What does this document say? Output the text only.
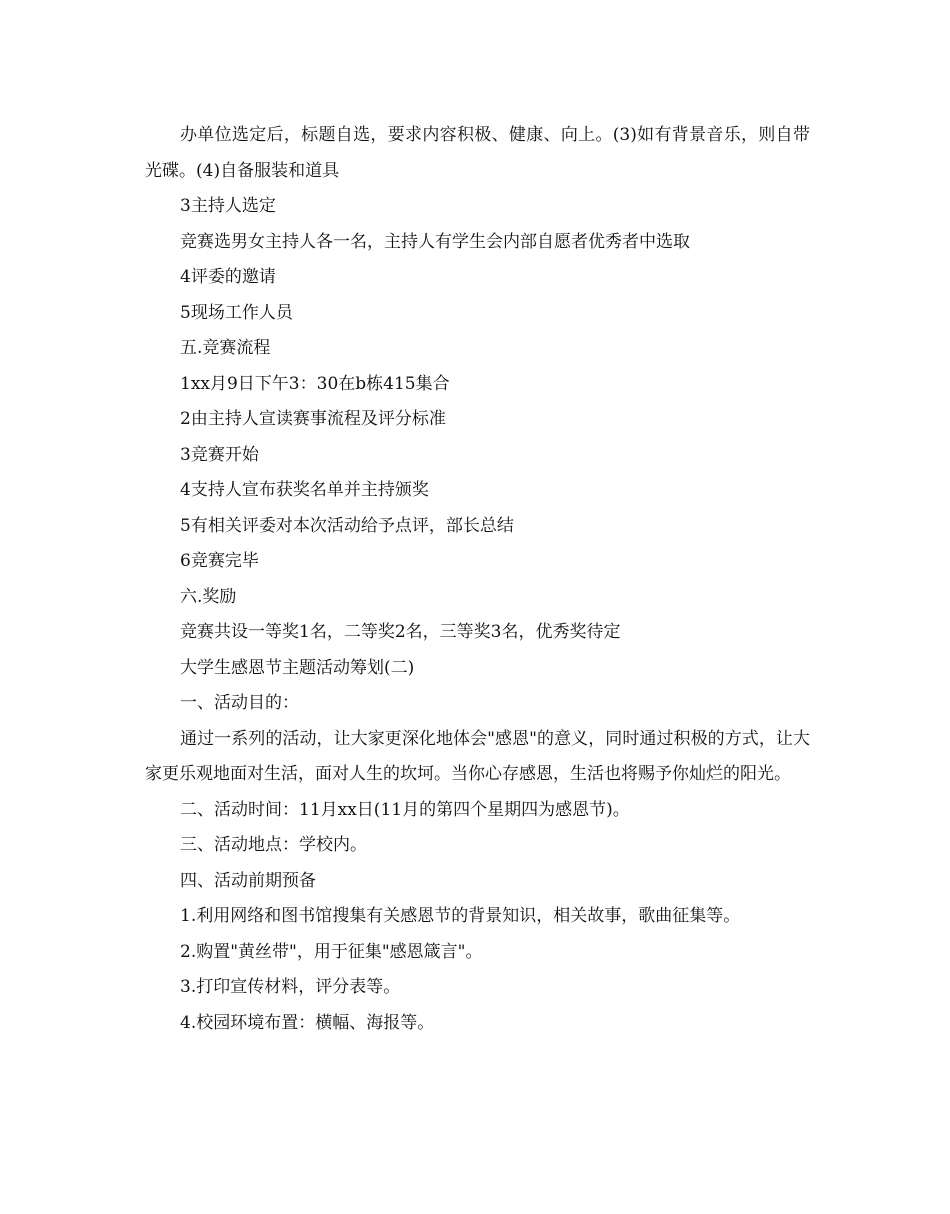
办单位选定后，标题自选，要求内容积极、健康、向上。(3)如有背景音乐，则自带光碟。(4)自备服装和道具

3主持人选定

竞赛选男女主持人各一名，主持人有学生会内部自愿者优秀者中选取

4评委的邀请

5现场工作人员

五.竞赛流程

1xx月9日下午3：30在b栋415集合

2由主持人宣读赛事流程及评分标准

3竞赛开始

4支持人宣布获奖名单并主持颁奖

5有相关评委对本次活动给予点评，部长总结

6竞赛完毕

六.奖励

竞赛共设一等奖1名，二等奖2名，三等奖3名，优秀奖待定

大学生感恩节主题活动筹划(二)

一、活动目的：

通过一系列的活动，让大家更深化地体会"感恩"的意义，同时通过积极的方式，让大家更乐观地面对生活，面对人生的坎坷。当你心存感恩，生活也将赐予你灿烂的阳光。

二、活动时间：11月xx日(11月的第四个星期四为感恩节)。

三、活动地点：学校内。

四、活动前期预备

1.利用网络和图书馆搜集有关感恩节的背景知识，相关故事，歌曲征集等。

2.购置"黄丝带"，用于征集"感恩箴言"。

3.打印宣传材料，评分表等。

4.校园环境布置：横幅、海报等。
